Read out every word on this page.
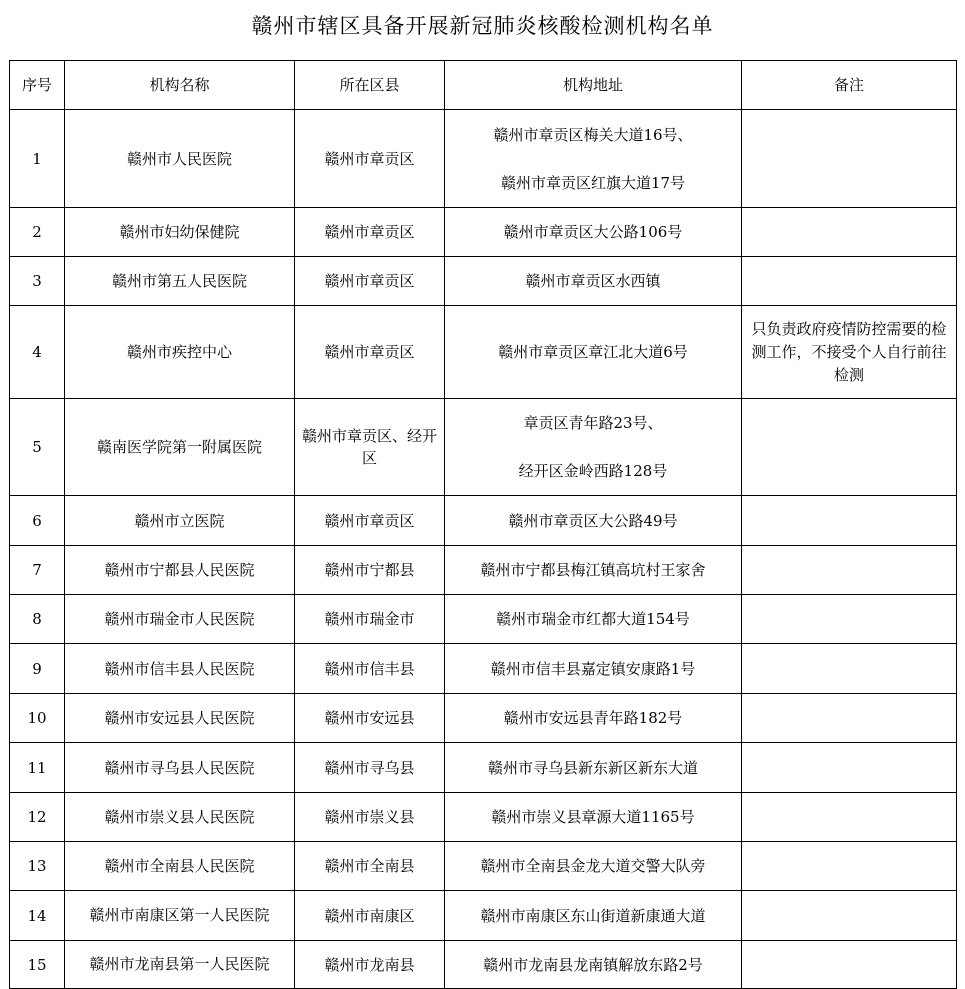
赣州市辖区具备开展新冠肺炎核酸检测机构名单
序号	机构名称	所在区县	机构地址	备注
1	赣州市人民医院	赣州市章贡区	赣州市章贡区梅关大道16号、
赣州市章贡区红旗大道17号	

2	赣州市妇幼保健院	赣州市章贡区	赣州市章贡区大公路106号	

3	赣州市第五人民医院	赣州市章贡区	赣州市章贡区水西镇	

4	赣州市疾控中心	赣州市章贡区	赣州市章贡区章江北大道6号	只负责政府疫情防控需要的检测工作，不接受个人自行前往检测
5	赣南医学院第一附属医院	赣州市章贡区、经开区	章贡区青年路23号、
经开区金岭西路128号	

6	赣州市立医院	赣州市章贡区	赣州市章贡区大公路49号	

7	赣州市宁都县人民医院	赣州市宁都县	赣州市宁都县梅江镇高坑村王家舍	

8	赣州市瑞金市人民医院	赣州市瑞金市	赣州市瑞金市红都大道154号	

9	赣州市信丰县人民医院	赣州市信丰县	赣州市信丰县嘉定镇安康路1号	

10	赣州市安远县人民医院	赣州市安远县	赣州市安远县青年路182号	

11	赣州市寻乌县人民医院	赣州市寻乌县	赣州市寻乌县新东新区新东大道	

12	赣州市崇义县人民医院	赣州市崇义县	赣州市崇义县章源大道1165号	

13	赣州市全南县人民医院	赣州市全南县	赣州市全南县金龙大道交警大队旁	

14	赣州市南康区第一人民医院	赣州市南康区	赣州市南康区东山街道新康通大道	

15	赣州市龙南县第一人民医院	赣州市龙南县	赣州市龙南县龙南镇解放东路2号	
